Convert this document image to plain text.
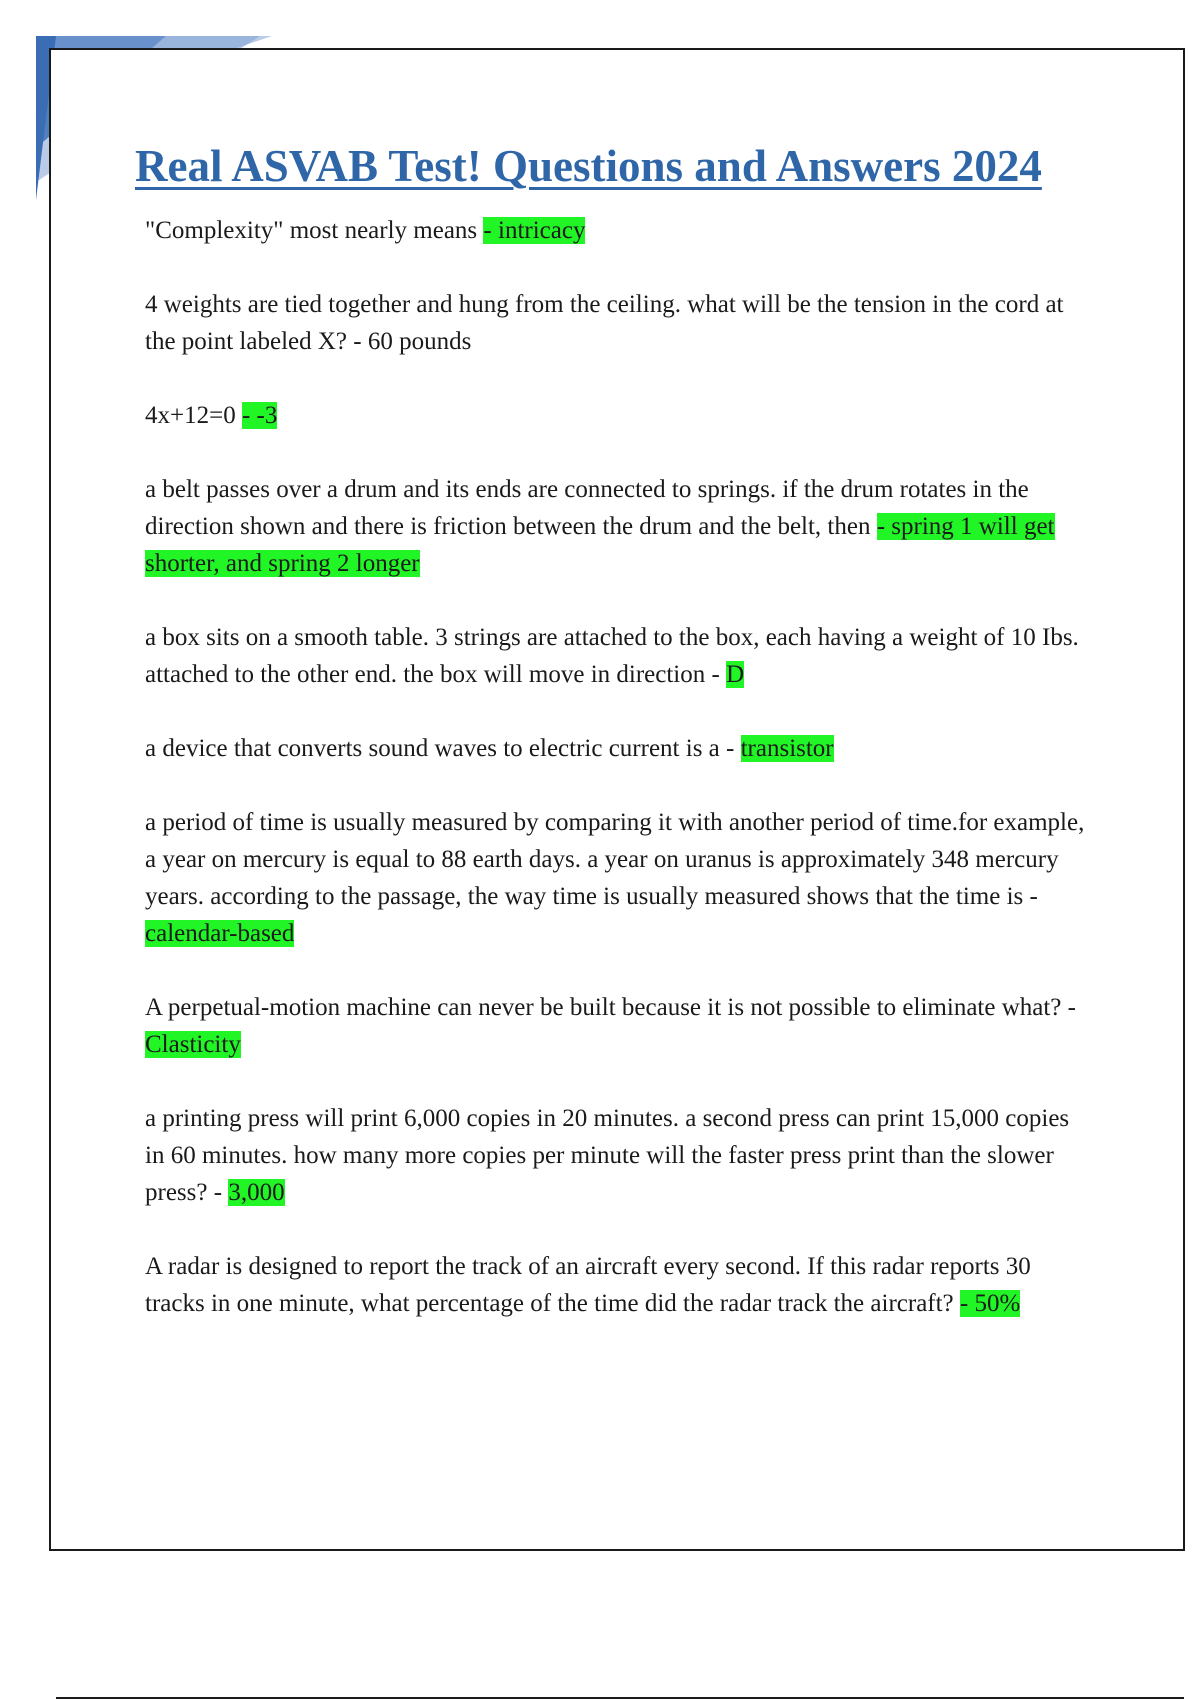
Real ASVAB Test! Questions and Answers 2024

"Complexity" most nearly means - intricacy

4 weights are tied together and hung from the ceiling. what will be the tension in the cord at the point labeled X? - 60 pounds

4x+12=0 - -3

a belt passes over a drum and its ends are connected to springs. if the drum rotates in the direction shown and there is friction between the drum and the belt, then - spring 1 will get shorter, and spring 2 longer

a box sits on a smooth table. 3 strings are attached to the box, each having a weight of 10 Ibs. attached to the other end. the box will move in direction - D

a device that converts sound waves to electric current is a - transistor

a period of time is usually measured by comparing it with another period of time.for example, a year on mercury is equal to 88 earth days. a year on uranus is approximately 348 mercury years. according to the passage, the way time is usually measured shows that the time is - calendar-based

A perpetual-motion machine can never be built because it is not possible to eliminate what? - Clasticity

a printing press will print 6,000 copies in 20 minutes. a second press can print 15,000 copies in 60 minutes. how many more copies per minute will the faster press print than the slower press? - 3,000

A radar is designed to report the track of an aircraft every second. If this radar reports 30 tracks in one minute, what percentage of the time did the radar track the aircraft? - 50%
